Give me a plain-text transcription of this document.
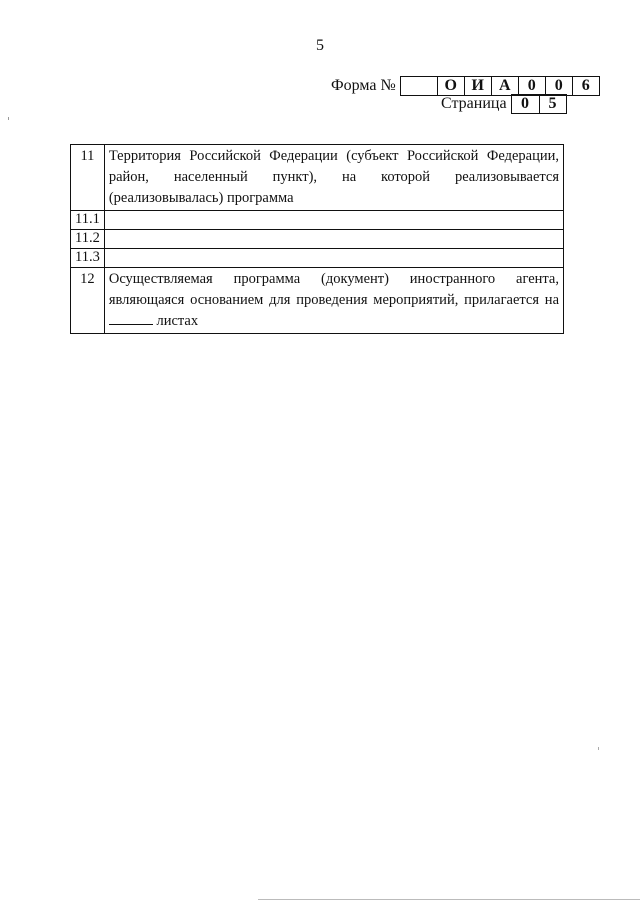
5
Форма №	О И А	0	0	6
Страница 0	5
11	Территория Российской Федерации (субъект Российской Федерации, район, населенный пункт), на которой реализовывается (реализовывалась) программа
11.1	
11.2	
11.3	
12	Осуществляемая программа (документ) иностранного агента, являющаяся основанием для проведения мероприятий, прилагается на  листах
